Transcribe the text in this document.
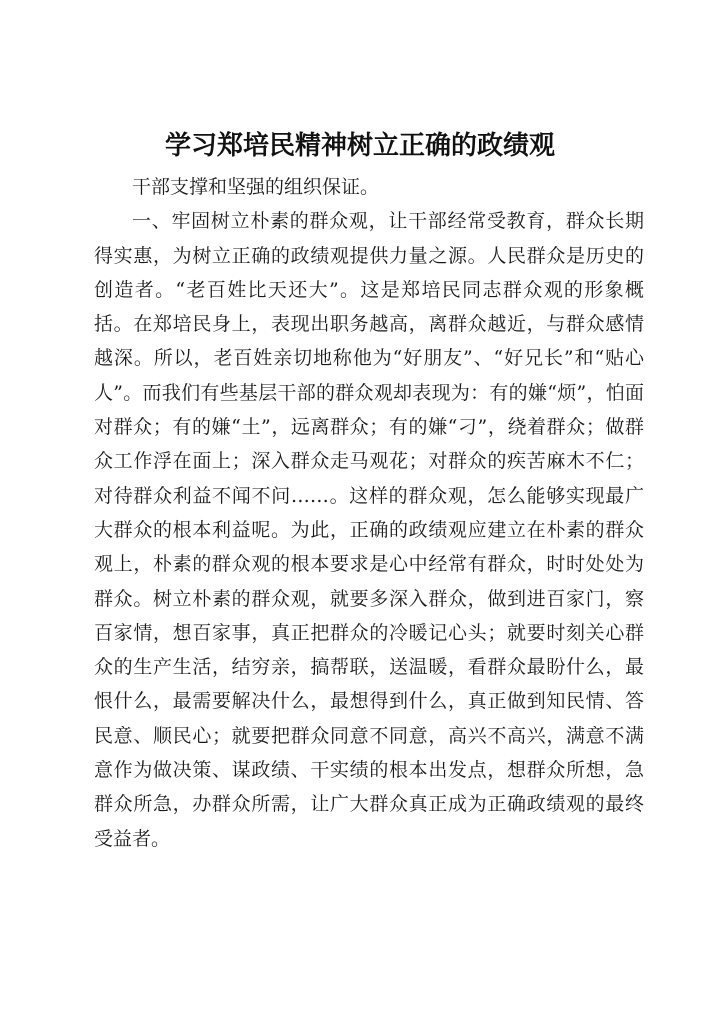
学习郑培民精神树立正确的政绩观

干部支撑和坚强的组织保证。

一、牢固树立朴素的群众观，让干部经常受教育，群众长期得实惠，为树立正确的政绩观提供力量之源。人民群众是历史的创造者。“老百姓比天还大”。这是郑培民同志群众观的形象概括。在郑培民身上，表现出职务越高，离群众越近，与群众感情越深。所以，老百姓亲切地称他为“好朋友”、“好兄长”和“贴心人”。而我们有些基层干部的群众观却表现为：有的嫌“烦”，怕面对群众；有的嫌“土”，远离群众；有的嫌“刁”，绕着群众；做群众工作浮在面上；深入群众走马观花；对群众的疾苦麻木不仁；对待群众利益不闻不问……。这样的群众观，怎么能够实现最广大群众的根本利益呢。为此，正确的政绩观应建立在朴素的群众观上，朴素的群众观的根本要求是心中经常有群众，时时处处为群众。树立朴素的群众观，就要多深入群众，做到进百家门，察百家情，想百家事，真正把群众的冷暖记心头；就要时刻关心群众的生产生活，结穷亲，搞帮联，送温暖，看群众最盼什么，最恨什么，最需要解决什么，最想得到什么，真正做到知民情、答民意、顺民心；就要把群众同意不同意，高兴不高兴，满意不满意作为做决策、谋政绩、干实绩的根本出发点，想群众所想，急群众所急，办群众所需，让广大群众真正成为正确政绩观的最终受益者。
